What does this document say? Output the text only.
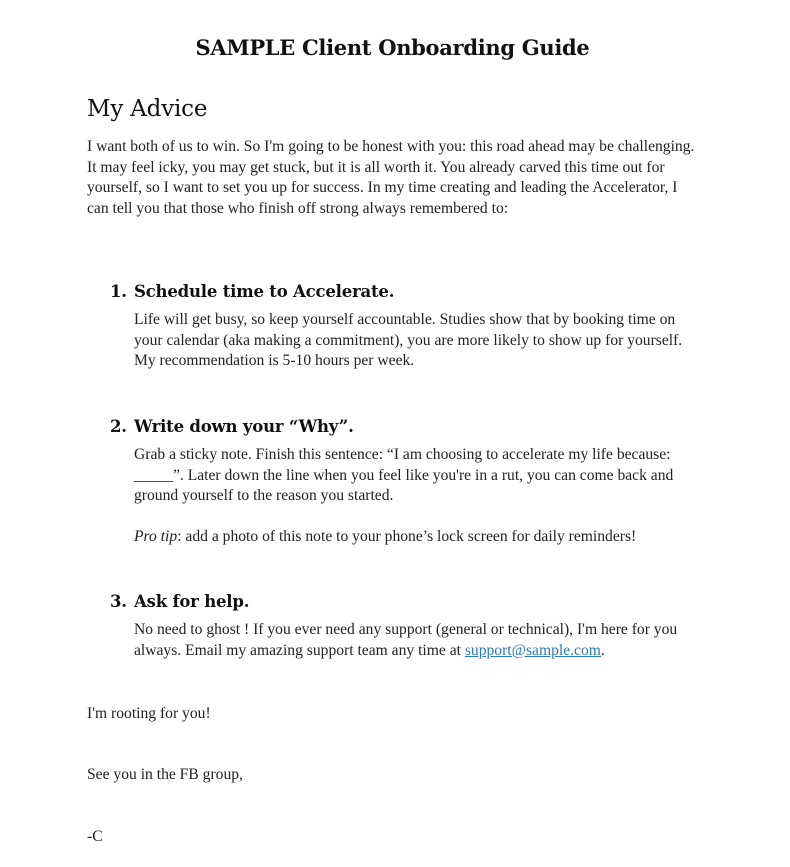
SAMPLE Client Onboarding Guide
My Advice

I want both of us to win. So I'm going to be honest with you: this road ahead may be challenging. It may feel icky, you may get stuck, but it is all worth it. You already carved this time out for yourself, so I want to set you up for success. In my time creating and leading the Accelerator, I can tell you that those who finish off strong always remembered to:

1. Schedule time to Accelerate.

Life will get busy, so keep yourself accountable. Studies show that by booking time on your calendar (aka making a commitment), you are more likely to show up for yourself. My recommendation is 5-10 hours per week.

2. Write down your “Why”.

Grab a sticky note. Finish this sentence: “I am choosing to accelerate my life because: _____”. Later down the line when you feel like you're in a rut, you can come back and ground yourself to the reason you started.

Pro tip: add a photo of this note to your phone’s lock screen for daily reminders!

3. Ask for help.

No need to ghost ! If you ever need any support (general or technical), I'm here for you always. Email my amazing support team any time at support@sample.com.

I'm rooting for you!

See you in the FB group,

-C
